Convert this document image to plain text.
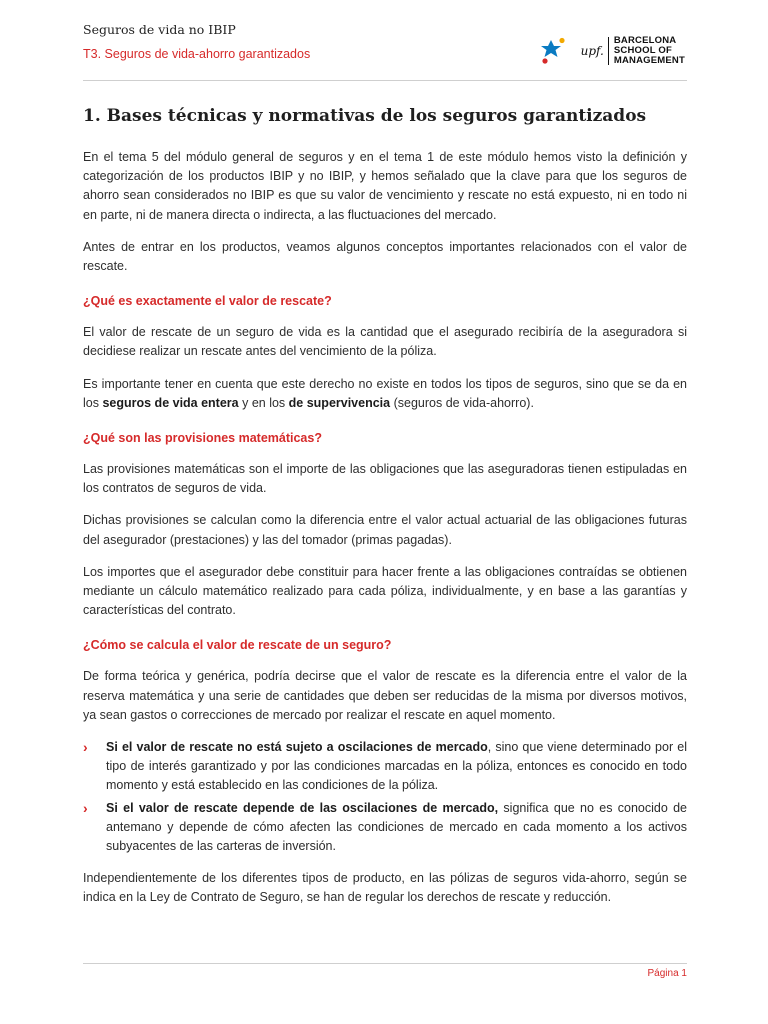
Seguros de vida no IBIP
T3. Seguros de vida-ahorro garantizados	upf.
BARCELONA
SCHOOL OF
MANAGEMENT
1. Bases técnicas y normativas de los seguros garantizados

En el tema 5 del módulo general de seguros y en el tema 1 de este módulo hemos visto la definición y categorización de los productos IBIP y no IBIP, y hemos señalado que la clave para que los seguros de ahorro sean considerados no IBIP es que su valor de vencimiento y rescate no está expuesto, ni en todo ni en parte, ni de manera directa o indirecta, a las fluctuaciones del mercado.

Antes de entrar en los productos, veamos algunos conceptos importantes relacionados con el valor de rescate.

¿Qué es exactamente el valor de rescate?

El valor de rescate de un seguro de vida es la cantidad que el asegurado recibiría de la aseguradora si decidiese realizar un rescate antes del vencimiento de la póliza.

Es importante tener en cuenta que este derecho no existe en todos los tipos de seguros, sino que se da en los seguros de vida entera y en los de supervivencia (seguros de vida-ahorro).

¿Qué son las provisiones matemáticas?

Las provisiones matemáticas son el importe de las obligaciones que las aseguradoras tienen estipuladas en los contratos de seguros de vida.

Dichas provisiones se calculan como la diferencia entre el valor actual actuarial de las obligaciones futuras del asegurador (prestaciones) y las del tomador (primas pagadas).

Los importes que el asegurador debe constituir para hacer frente a las obligaciones contraídas se obtienen mediante un cálculo matemático realizado para cada póliza, individualmente, y en base a las garantías y características del contrato.

¿Cómo se calcula el valor de rescate de un seguro?

De forma teórica y genérica, podría decirse que el valor de rescate es la diferencia entre el valor de la reserva matemática y una serie de cantidades que deben ser reducidas de la misma por diversos motivos, ya sean gastos o correcciones de mercado por realizar el rescate en aquel momento.

› Si el valor de rescate no está sujeto a oscilaciones de mercado, sino que viene determinado por el tipo de interés garantizado y por las condiciones marcadas en la póliza, entonces es conocido en todo momento y está establecido en las condiciones de la póliza.
› Si el valor de rescate depende de las oscilaciones de mercado, significa que no es conocido de antemano y depende de cómo afecten las condiciones de mercado en cada momento a los activos subyacentes de las carteras de inversión.

Independientemente de los diferentes tipos de producto, en las pólizas de seguros vida-ahorro, según se indica en la Ley de Contrato de Seguro, se han de regular los derechos de rescate y reducción.

Página 1
